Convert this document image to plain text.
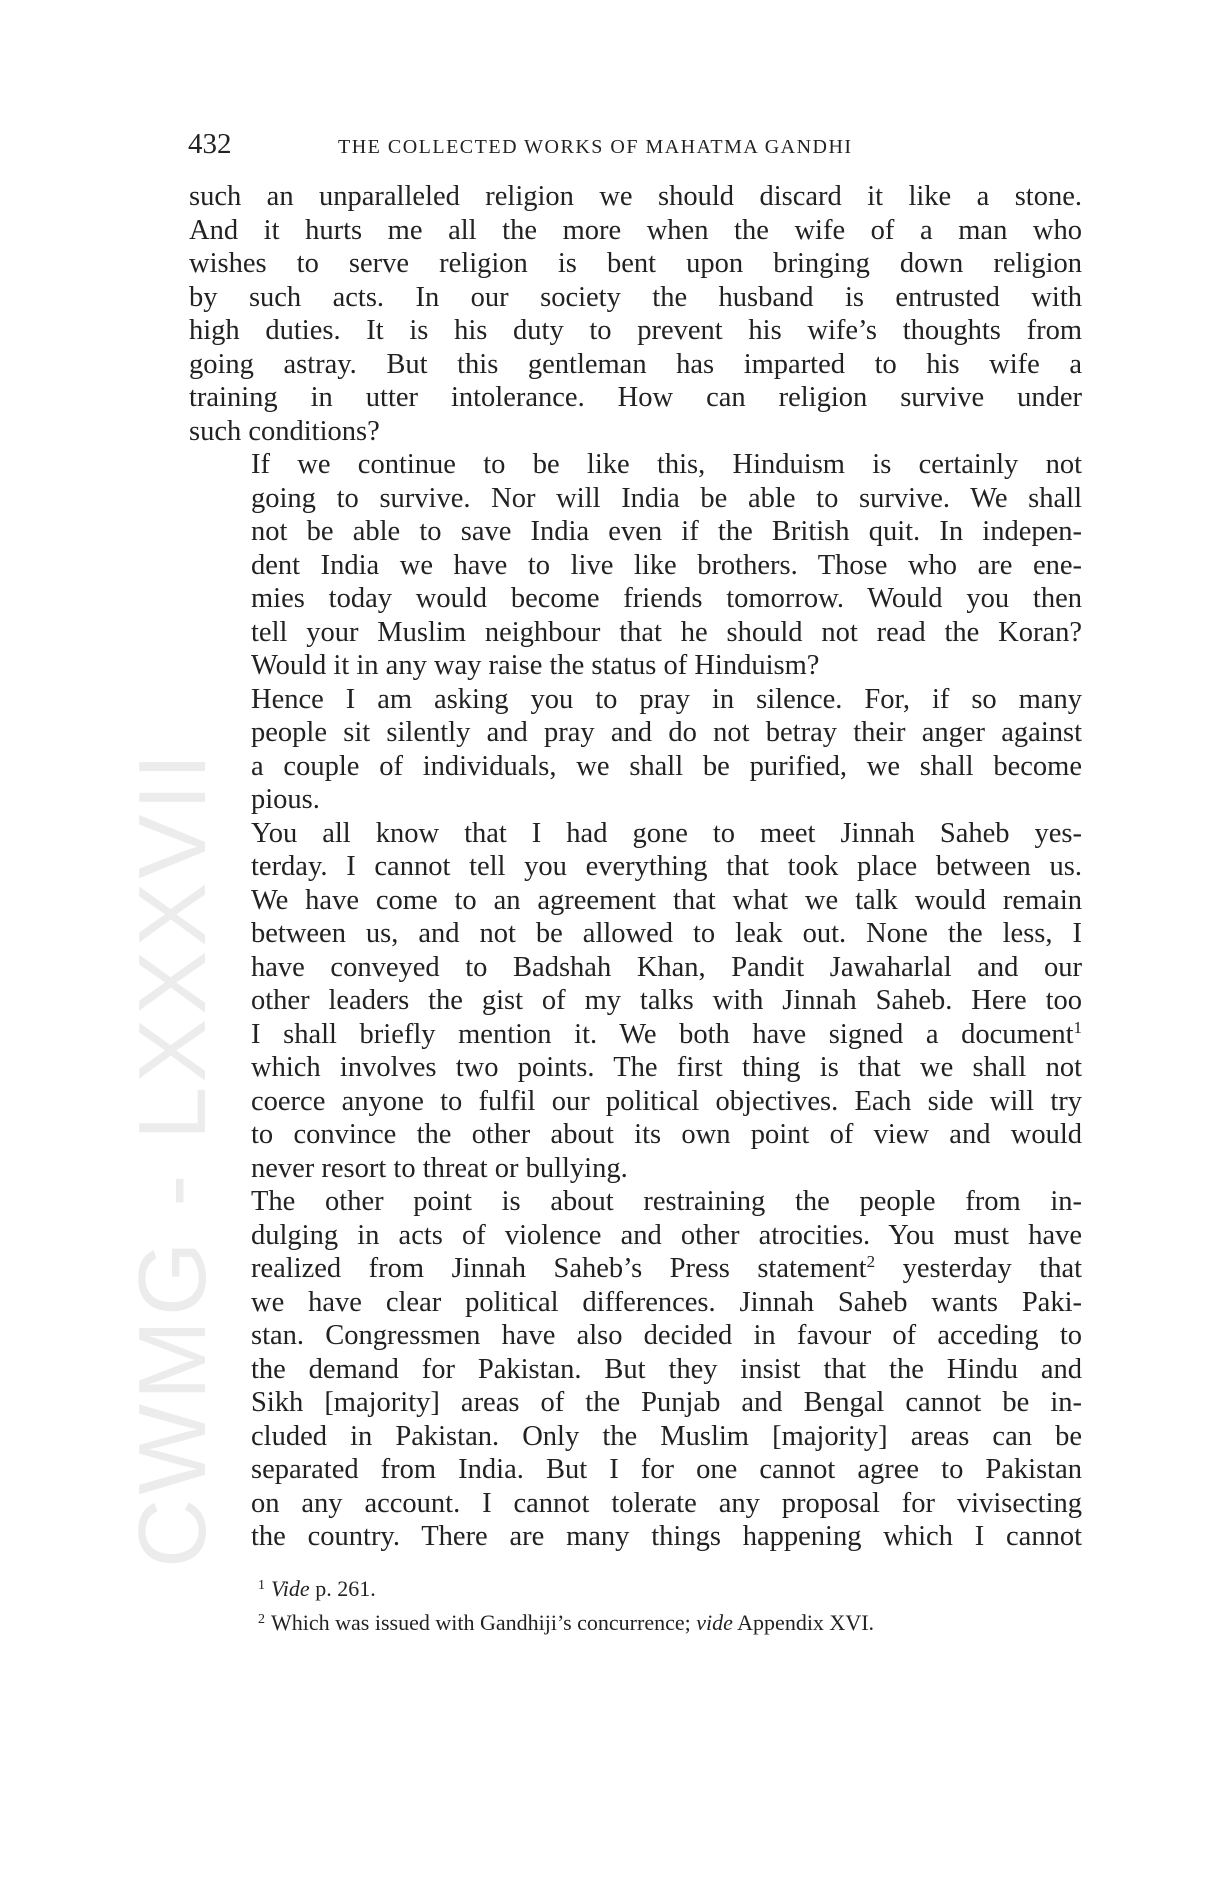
CWMG - LXXXVII
432	THE COLLECTED WORKS OF MAHATMA GANDHI

such an unparalleled religion we should discard it like a stone.
And it hurts me all the more when the wife of a man who
wishes to serve religion is bent upon bringing down religion
by such acts. In our society the husband is entrusted with
high duties. It is his duty to prevent his wife’s thoughts from
going astray. But this gentleman has imparted to his wife a
training in utter intolerance. How can religion survive under
such conditions?

If we continue to be like this, Hinduism is certainly not
going to survive. Nor will India be able to survive. We shall
not be able to save India even if the British quit. In indepen-
dent India we have to live like brothers. Those who are ene-
mies today would become friends tomorrow. Would you then
tell your Muslim neighbour that he should not read the Koran?
Would it in any way raise the status of Hinduism?

Hence I am asking you to pray in silence. For, if so many
people sit silently and pray and do not betray their anger against
a couple of individuals, we shall be purified, we shall become
pious.

You all know that I had gone to meet Jinnah Saheb yes-
terday. I cannot tell you everything that took place between us.
We have come to an agreement that what we talk would remain
between us, and not be allowed to leak out. None the less, I
have conveyed to Badshah Khan, Pandit Jawaharlal and our
other leaders the gist of my talks with Jinnah Saheb. Here too
I shall briefly mention it. We both have signed a document$^1$
which involves two points. The first thing is that we shall not
coerce anyone to fulfil our political objectives. Each side will try
to convince the other about its own point of view and would
never resort to threat or bullying.

The other point is about restraining the people from in-
dulging in acts of violence and other atrocities. You must have
realized from Jinnah Saheb’s Press statement$^2$ yesterday that
we have clear political differences. Jinnah Saheb wants Paki-
stan. Congressmen have also decided in favour of acceding to
the demand for Pakistan. But they insist that the Hindu and
Sikh [majority] areas of the Punjab and Bengal cannot be in-
cluded in Pakistan. Only the Muslim [majority] areas can be
separated from India. But I for one cannot agree to Pakistan
on any account. I cannot tolerate any proposal for vivisecting
the country. There are many things happening which I cannot

$^1$ Vide p. 261.
$^2$ Which was issued with Gandhiji’s concurrence; vide Appendix XVI.
